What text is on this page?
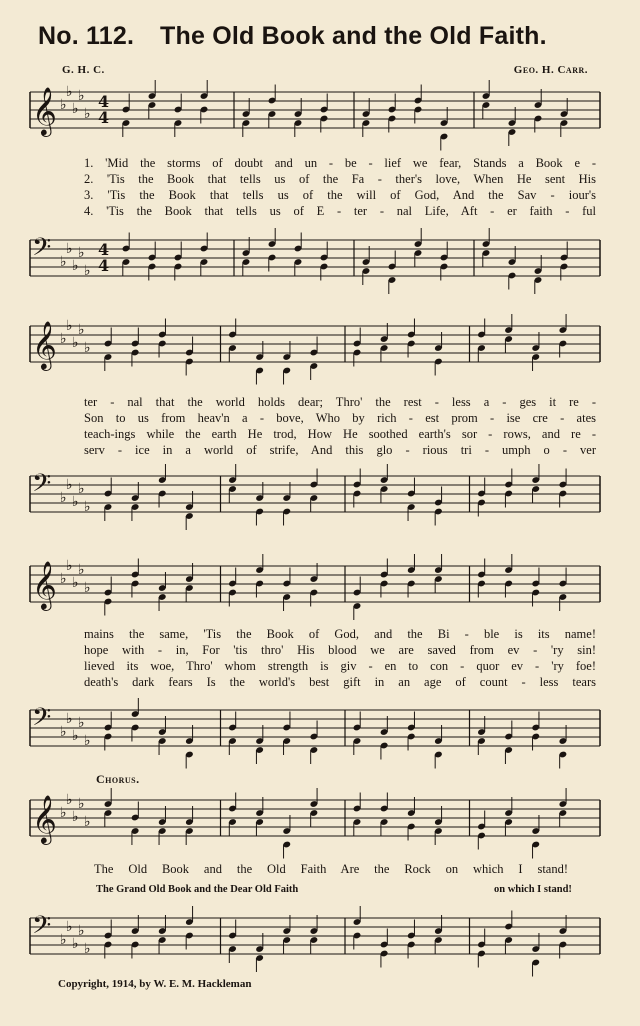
No. 112.	The Old Book and the Old Faith.
G. H. C.	Geo. H. Carr.
𝄞 ♭
♭
♭
♭
♭
4
4
𝄢 ♭
♭
♭
♭
♭
4
4
𝄞 ♭
♭
♭
♭
♭
𝄢 ♭
♭
♭
♭
♭
𝄞 ♭
♭
♭
♭
♭
𝄢 ♭
♭
♭
♭
♭
𝄞 ♭
♭
♭
♭
♭
𝄢 ♭
♭
♭
♭
♭
1. 'Mid the storms of doubt and un - be - lief we fear, Stands a Book e -
2. 'Tis the Book that tells us of the Fa - ther's love, When He sent His
3. 'Tis the Book that tells us of the will of God, And the Sav - iour's
4. 'Tis the Book that tells us of E - ter - nal Life, Aft - er faith - ful
ter - nal that the world holds dear; Thro' the rest - less a - ges it re -
Son to us from heav'n a - bove, Who by rich - est prom - ise cre - ates
teach-ings while the earth He trod, How He soothed earth's sor - rows, and re -
serv - ice in a world of strife, And this glo - rious tri - umph o - ver
mains the same, 'Tis the Book of God, and the Bi - ble is its name!
hope with - in, For 'tis thro' His blood we are saved from ev - 'ry sin!
lieved its woe, Thro' whom strength is giv - en to con - quor ev - 'ry foe!
death's dark fears Is the world's best gift in an age of count - less tears
Chorus.
The Old Book and the Old Faith Are the Rock on which I stand!
The Grand Old Book and the Dear Old Faith	on which I stand!
Copyright, 1914, by W. E. M. Hackleman
